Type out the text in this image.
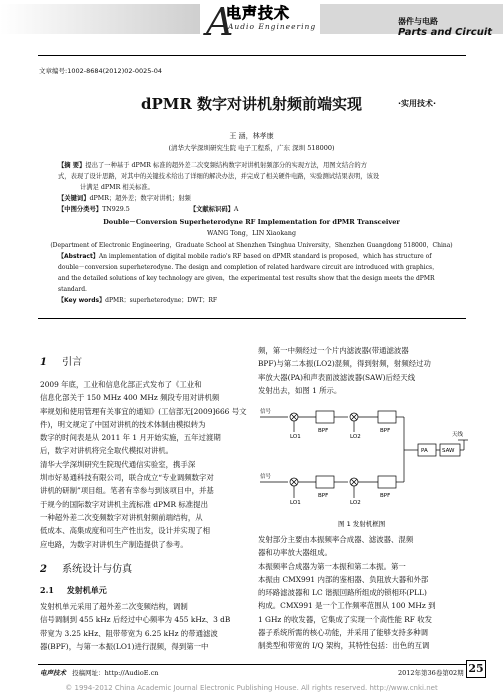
A
电声技术
Audio Engineering
器件与电路
Parts and Circuit
文章编号:1002-8684(2012)02-0025-04
dPMR 数字对讲机射频前端实现	·实用技术·
王 涵，林孝康
(清华大学深圳研究生院 电子工程系，广东 深圳 518000)
【摘 要】提出了一种基于 dPMR 标准的超外差二次变频结构数字对讲机射频部分的实现方法，用图文结合的方
式，表现了设计思路，对其中的关键技术给出了详细的解决办法，并完成了相关硬件电路，实验测试结果表明，该设
计满足 dPMR 相关标准。
【关键词】dPMR；超外差；数字对讲机；射频
【中图分类号】TN929.5	【文献标识码】A
Double－Conversion Superheterodyne RF Implementation for dPMR Transceiver
WANG Tong，LIN Xiaokang
(Department of Electronic Engineering，Graduate School at Shenzhen Tsinghua University，Shenzhen Guangdong 518000，China)
【Abstract】An implementation of digital mobile radio's RF based on dPMR standard is proposed，which has structure of
double－conversion superheterodyne. The design and completion of related hardware circuit are introduced with graphics，
and the detailed solutions of key technology are given，the experimental test results show that the design meets the dPMR
standard.
【Key words】dPMR；superheterodyne；DWT；RF
1 引言
2009 年底，工业和信息化部正式发布了《工业和
信息化部关于 150 MHz 400 MHz 频段专用对讲机频
率规划和使用管理有关事宜的通知》(工信部无[2009]666 号文
件)，明文规定了中国对讲机的技术体制由模拟转为
数字的时间表是从 2011 年 1 月开始实施，五年过渡期
后，数字对讲机将完全取代模拟对讲机。
清华大学深圳研究生院现代通信实验室，携手深
圳市好易通科技有限公司，联合成立“专业调频数字对
讲机的研制”项目组。笔者有幸参与到该项目中，并基
于规今的国际数字对讲机主流标准 dPMR 标准提出
一种超外差二次变频数字对讲机射频前端结构，从
低成本、高集成度和可生产性出发，设计并实现了相
应电路，为数字对讲机生产制造提供了参考。
2 系统设计与仿真
2.1 发射机单元
发射机单元采用了超外差二次变频结构，调制
信号调制到 455 kHz 后经过中心频率为 455 kHz、3 dB
带宽为 3.25 kHz、阻带带宽为 6.25 kHz 的带通滤波
器(BPF)，与第一本振(LO1)进行混频，得到第一中
频，第一中频经过一个片内滤波器(带通滤波器
BPF)与第二本振(LO2)混频，得到射频，射频经过功
率放大器(PA)和声表面波滤波器(SAW)后经天线
发射出去，如图 1 所示。
信号
信号
BPF	BPF
BPF	BPF
LO1	LO2
LO1	LO2
PA	SAW
天线
图 1 发射机框图
发射部分主要由本振频率合成器、滤波器、混频
器和功率放大器组成。
本振频率合成器为第一本振和第二本振。第一
本振由 CMX991 内部的鉴相器、负阻放大器和外部
的环路滤波器和 LC 谐振回路所组成的锁相环(PLL)
构成。CMX991 是一个工作频率范围从 100 MHz 到
1 GHz 的收发器，它集成了实现一个高性能 RF 收发
器子系统所需的核心功能，并采用了能够支持多种调
制类型和带宽的 I/Q 架构，其特性包括：出色的互调
电声技术 投稿网址：http://AudioE.cn	2012年第36卷第02期 25
© 1994-2012 China Academic Journal Electronic Publishing House. All rights reserved. http://www.cnki.net
